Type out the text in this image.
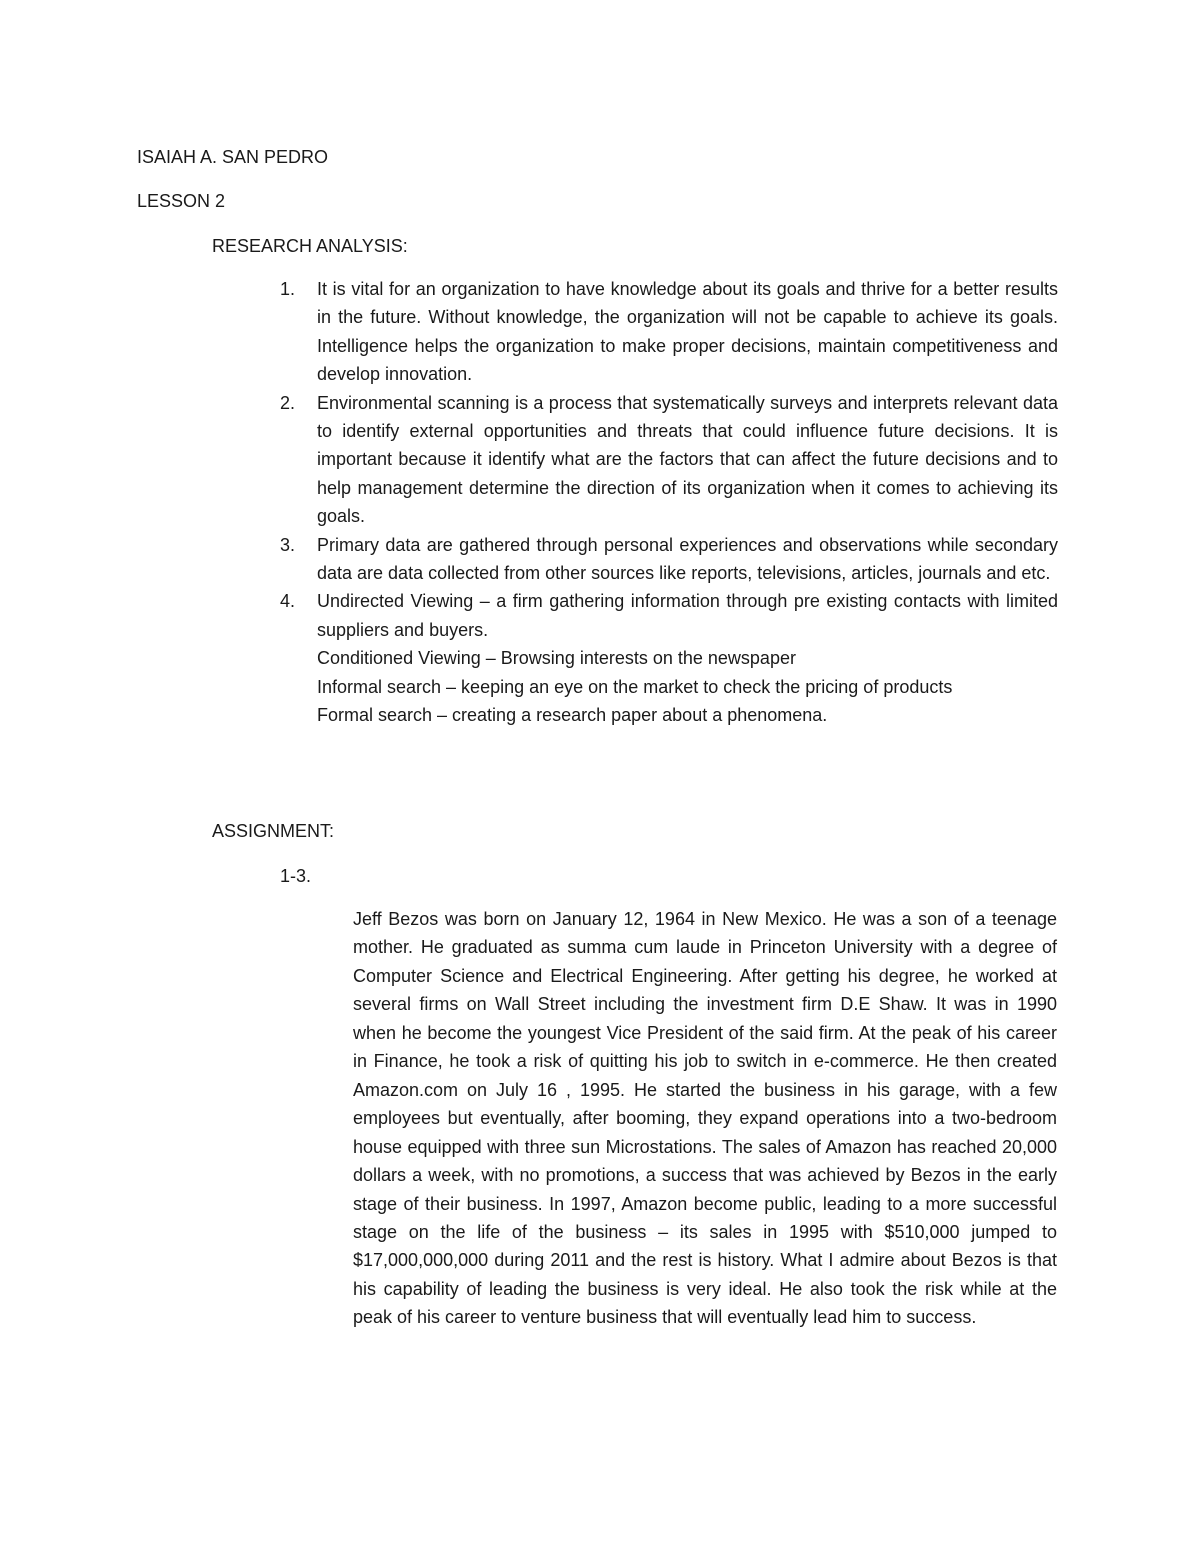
ISAIAH A. SAN PEDRO
LESSON 2
RESEARCH ANALYSIS:
1.	It is vital for an organization to have knowledge about its goals and thrive for a better results in the future. Without knowledge, the organization will not be capable to achieve its goals. Intelligence helps the organization to make proper decisions, maintain competitiveness and develop innovation.
2.	Environmental scanning is a process that systematically surveys and interprets relevant data to identify external opportunities and threats that could influence future decisions. It is important because it identify what are the factors that can affect the future decisions and to help management determine the direction of its organization when it comes to achieving its goals.
3.	Primary data are gathered through personal experiences and observations while secondary data are data collected from other sources like reports, televisions, articles, journals and etc.
4.	Undirected Viewing – a firm gathering information through pre existing contacts with limited suppliers and buyers.
Conditioned Viewing – Browsing interests on the newspaper
Informal search – keeping an eye on the market to check the pricing of products
Formal search – creating a research paper about a phenomena.
ASSIGNMENT:
1-3.

Jeff Bezos was born on January 12, 1964 in New Mexico. He was a son of a teenage mother. He graduated as summa cum laude in Princeton University with a degree of Computer Science and Electrical Engineering. After getting his degree, he worked at several firms on Wall Street including the investment firm D.E Shaw. It was in 1990 when he become the youngest Vice President of the said firm. At the peak of his career in Finance, he took a risk of quitting his job to switch in e-commerce. He then created Amazon.com on July 16 , 1995. He started the business in his garage, with a few employees but eventually, after booming, they expand operations into a two-bedroom house equipped with three sun Microstations. The sales of Amazon has reached 20,000 dollars a week, with no promotions, a success that was achieved by Bezos in the early stage of their business. In 1997, Amazon become public, leading to a more successful stage on the life of the business – its sales in 1995 with $510,000 jumped to $17,000,000,000 during 2011 and the rest is history. What I admire about Bezos is that his capability of leading the business is very ideal. He also took the risk while at the peak of his career to venture business that will eventually lead him to success.
